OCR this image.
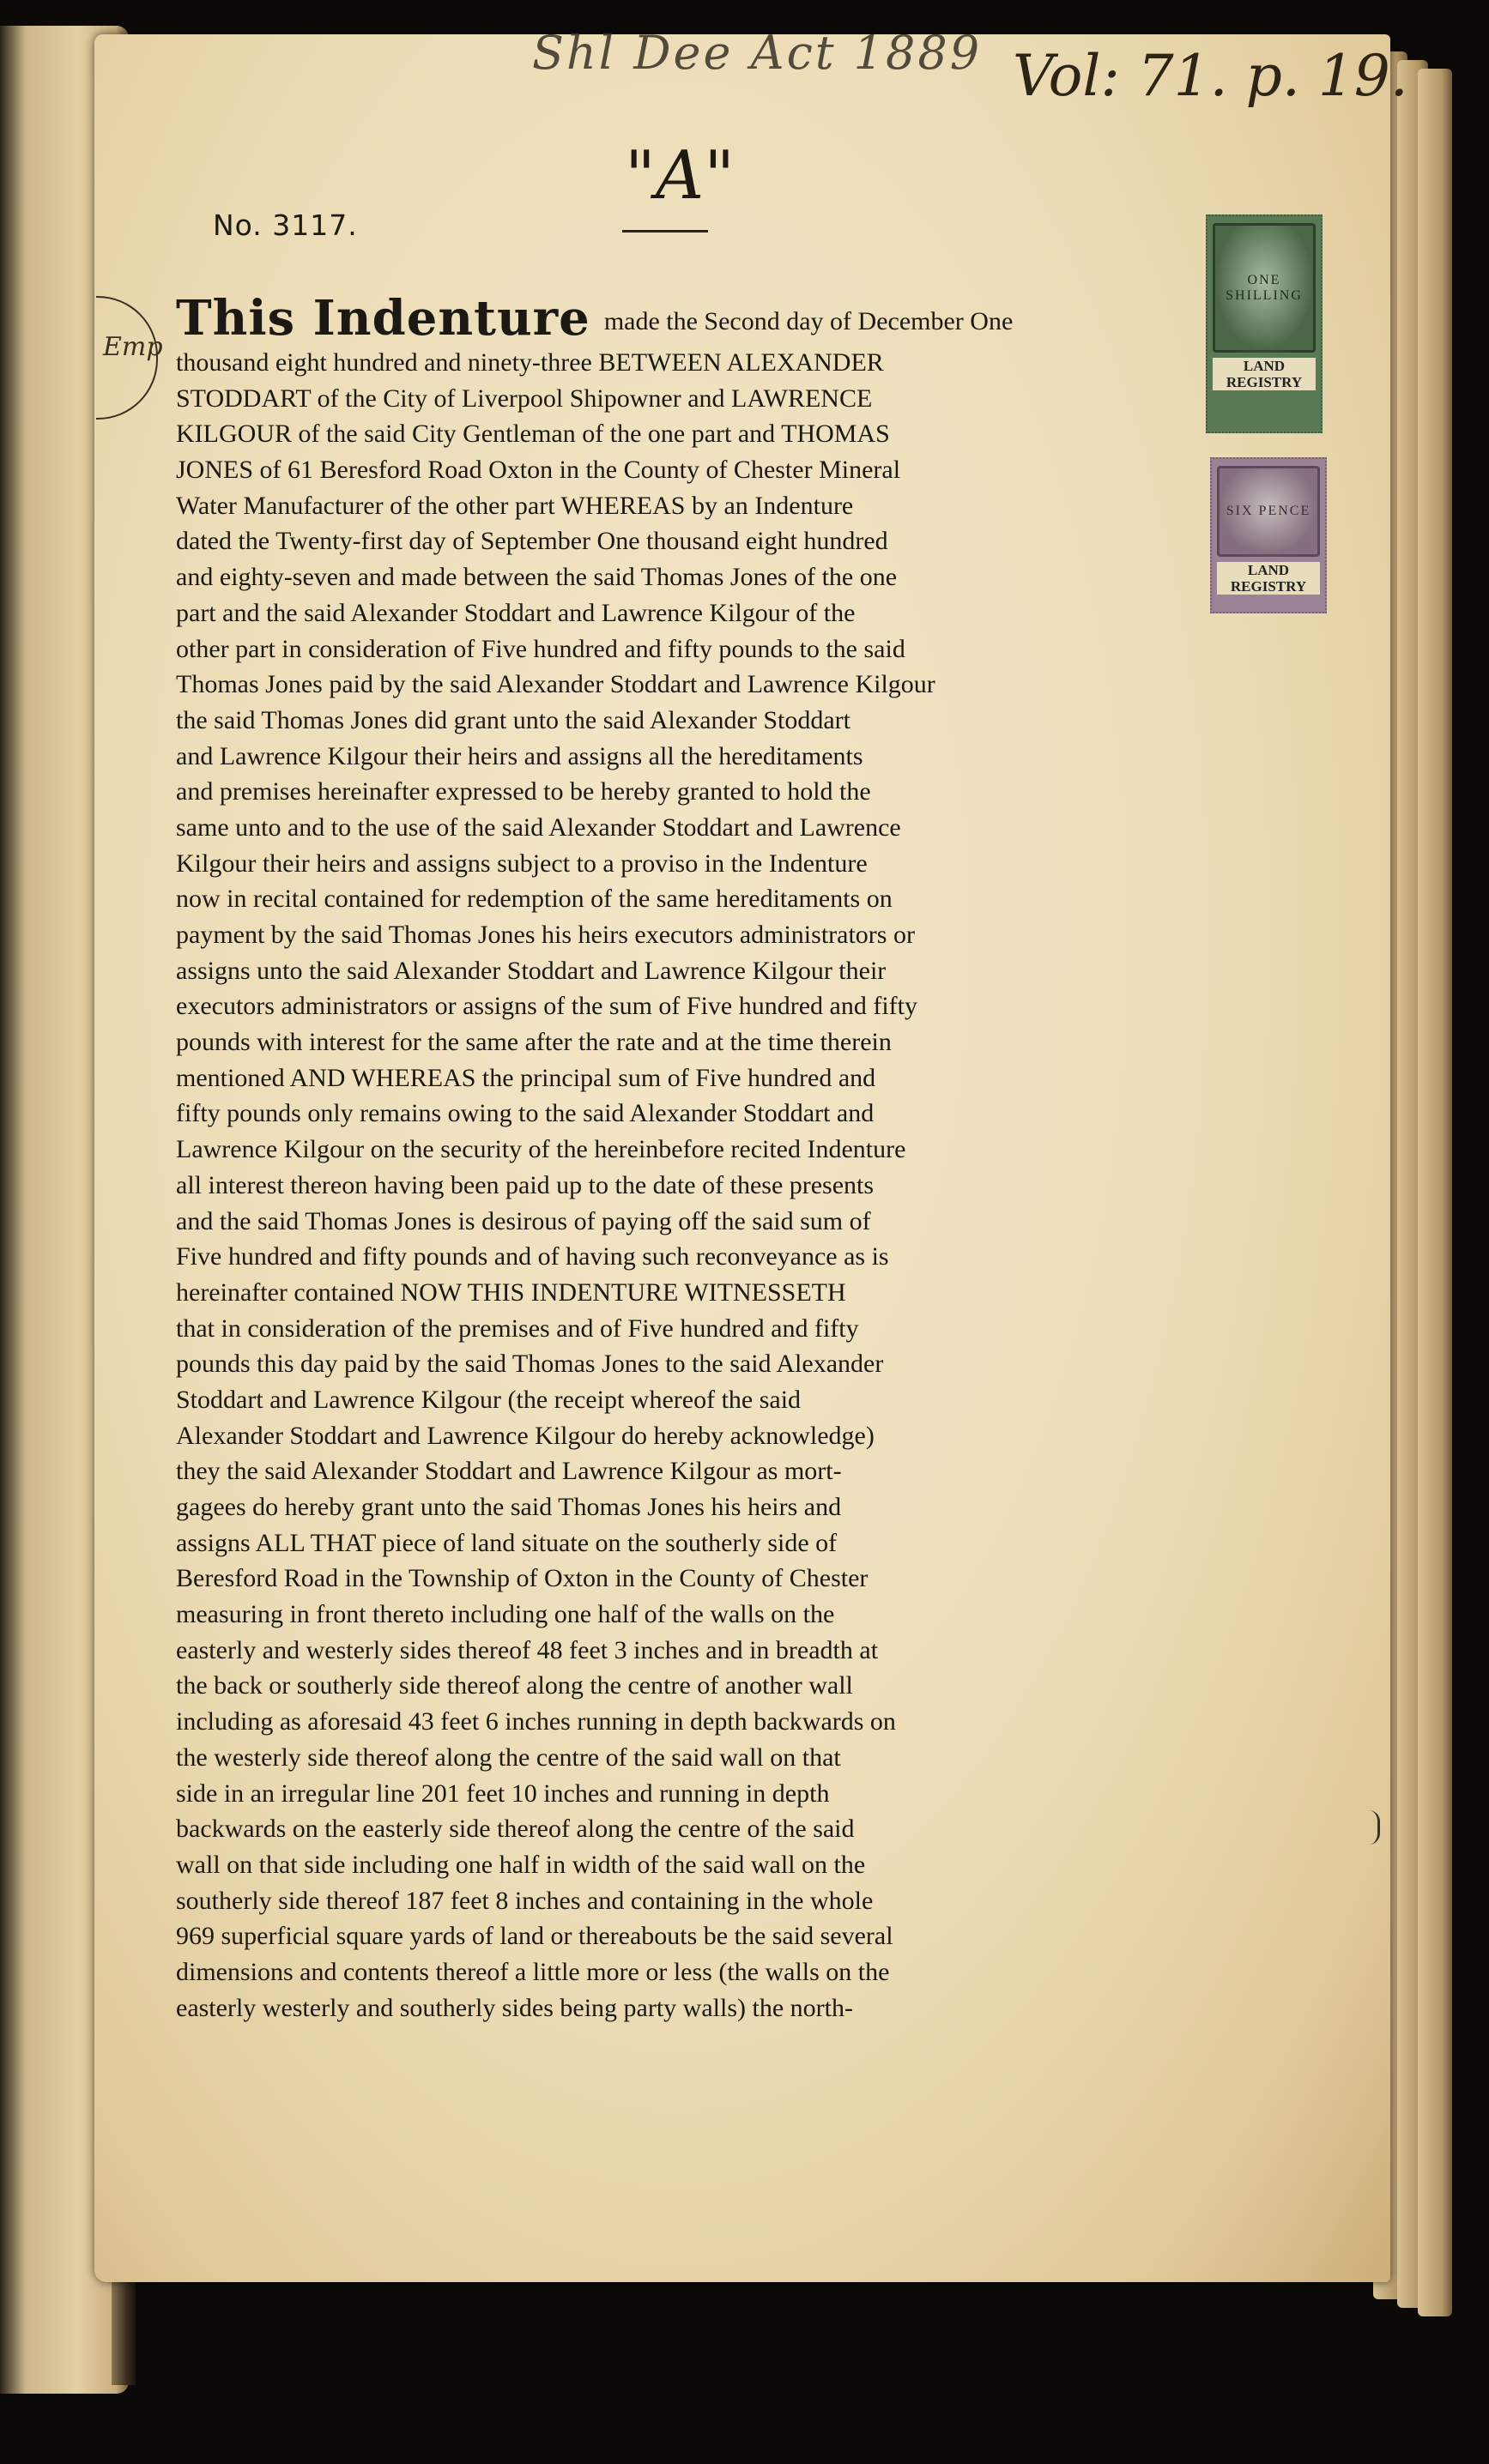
Shl Dee Act 1889 Vol: 71. p. 19.
"A"
No. 3117.
Emp
ONE SHILLING
LAND
REGISTRY
SIX PENCE
LAND
REGISTRY
This Indenture made the Second day of December One
thousand eight hundred and ninety-three BETWEEN ALEXANDER
STODDART of the City of Liverpool Shipowner and LAWRENCE
KILGOUR of the said City Gentleman of the one part and THOMAS
JONES of 61 Beresford Road Oxton in the County of Chester Mineral
Water Manufacturer of the other part WHEREAS by an Indenture
dated the Twenty-first day of September One thousand eight hundred
and eighty-seven and made between the said Thomas Jones of the one
part and the said Alexander Stoddart and Lawrence Kilgour of the
other part in consideration of Five hundred and fifty pounds to the said
Thomas Jones paid by the said Alexander Stoddart and Lawrence Kilgour
the said Thomas Jones did grant unto the said Alexander Stoddart
and Lawrence Kilgour their heirs and assigns all the hereditaments
and premises hereinafter expressed to be hereby granted to hold the
same unto and to the use of the said Alexander Stoddart and Lawrence
Kilgour their heirs and assigns subject to a proviso in the Indenture
now in recital contained for redemption of the same hereditaments on
payment by the said Thomas Jones his heirs executors administrators or
assigns unto the said Alexander Stoddart and Lawrence Kilgour their
executors administrators or assigns of the sum of Five hundred and fifty
pounds with interest for the same after the rate and at the time therein
mentioned AND WHEREAS the principal sum of Five hundred and
fifty pounds only remains owing to the said Alexander Stoddart and
Lawrence Kilgour on the security of the hereinbefore recited Indenture
all interest thereon having been paid up to the date of these presents
and the said Thomas Jones is desirous of paying off the said sum of
Five hundred and fifty pounds and of having such reconveyance as is
hereinafter contained NOW THIS INDENTURE WITNESSETH
that in consideration of the premises and of Five hundred and fifty
pounds this day paid by the said Thomas Jones to the said Alexander
Stoddart and Lawrence Kilgour (the receipt whereof the said
Alexander Stoddart and Lawrence Kilgour do hereby acknowledge)
they the said Alexander Stoddart and Lawrence Kilgour as mort-
gagees do hereby grant unto the said Thomas Jones his heirs and
assigns ALL THAT piece of land situate on the southerly side of
Beresford Road in the Township of Oxton in the County of Chester
measuring in front thereto including one half of the walls on the
easterly and westerly sides thereof 48 feet 3 inches and in breadth at
the back or southerly side thereof along the centre of another wall
including as aforesaid 43 feet 6 inches running in depth backwards on
the westerly side thereof along the centre of the said wall on that
side in an irregular line 201 feet 10 inches and running in depth
backwards on the easterly side thereof along the centre of the said
wall on that side including one half in width of the said wall on the
southerly side thereof 187 feet 8 inches and containing in the whole
969 superficial square yards of land or thereabouts be the said several
dimensions and contents thereof a little more or less (the walls on the
easterly westerly and southerly sides being party walls) the north-
